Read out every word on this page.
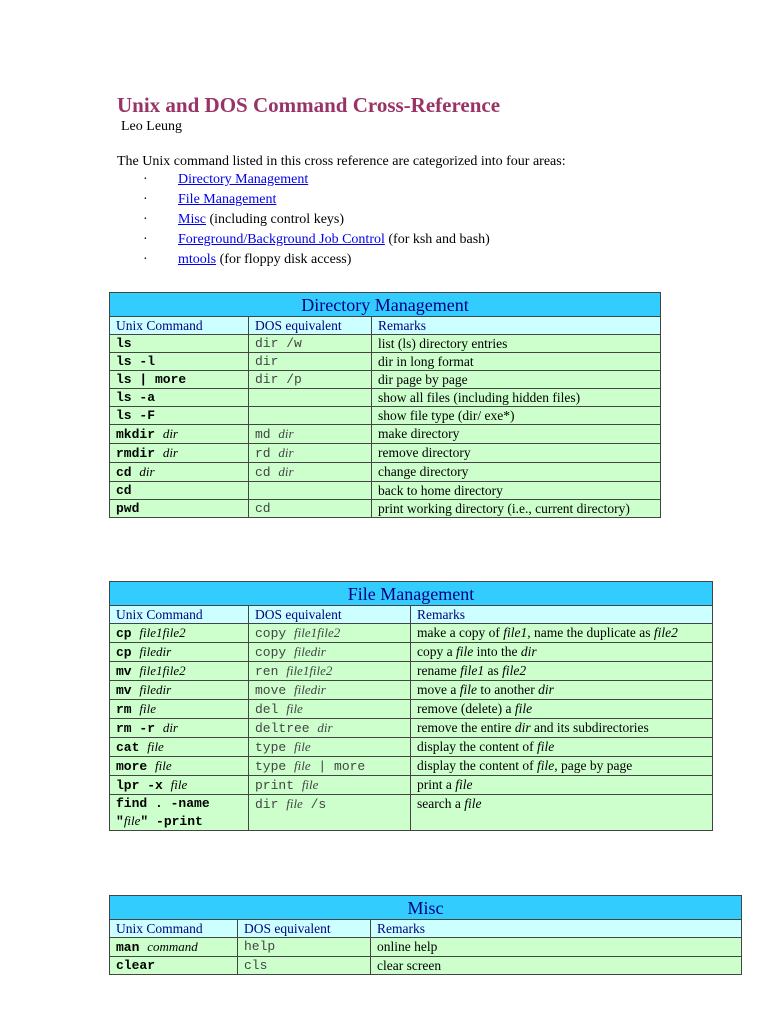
Unix and DOS Command Cross-Reference
Leo Leung
The Unix command listed in this cross reference are categorized into four areas:
· Directory Management
· File Management
· Misc (including control keys)
· Foreground/Background Job Control (for ksh and bash)
· mtools (for floppy disk access)
Directory Management		
Unix Command	DOS equivalent	Remarks
ls	dir /w	list (ls) directory entries
ls -l	dir	dir in long format
ls | more	dir /p	dir page by page
ls -a		show all files (including hidden files)
ls -F		show file type (dir/ exe*)
mkdir dir	md dir	make directory
rmdir dir	rd dir	remove directory
cd dir	cd dir	change directory
cd		back to home directory
pwd	cd	print working directory (i.e., current directory)
File Management		
Unix Command	DOS equivalent	Remarks
cp file1file2	copy file1file2	make a copy of file1, name the duplicate as file2
cp filedir	copy filedir	copy a file into the dir
mv file1file2	ren file1file2	rename file1 as file2
mv filedir	move filedir	move a file to another dir
rm file	del file	remove (delete) a file
rm -r dir	deltree dir	remove the entire dir and its subdirectories
cat file	type file	display the content of file
more file	type file | more	display the content of file, page by page
lpr -x file	print file	print a file
find . -name "file" -print	dir file /s	search a file
Misc		
Unix Command	DOS equivalent	Remarks
man command	help	online help
clear	cls	clear screen
